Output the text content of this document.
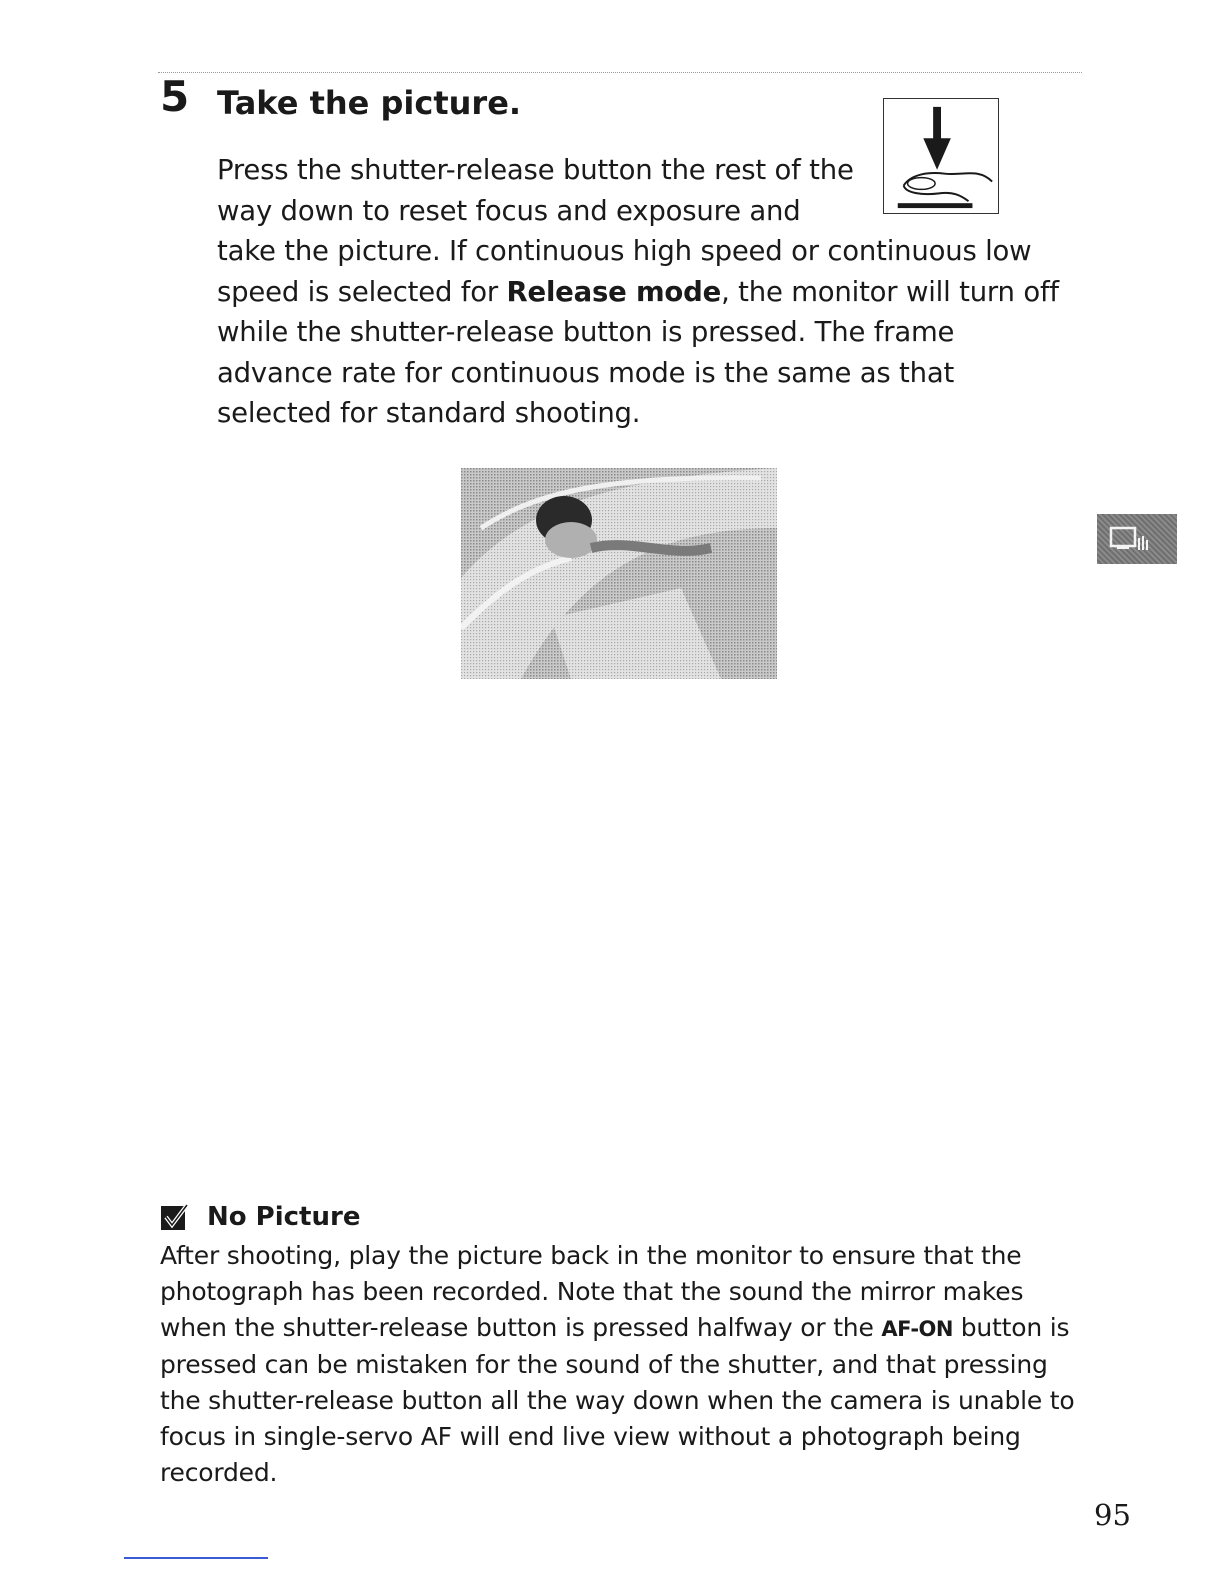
5 Take the picture.

Press the shutter-release button the rest of the way down to reset focus and exposure and take the picture. If continuous high speed or continuous low speed is selected for Release mode, the monitor will turn off while the shutter-release button is pressed. The frame advance rate for continuous mode is the same as that selected for standard shooting.

No Picture

After shooting, play the picture back in the monitor to ensure that the photograph has been recorded. Note that the sound the mirror makes when the shutter-release button is pressed halfway or the AF-ON button is pressed can be mistaken for the sound of the shutter, and that pressing the shutter-release button all the way down when the camera is unable to focus in single-servo AF will end live view without a photograph being recorded.

95
